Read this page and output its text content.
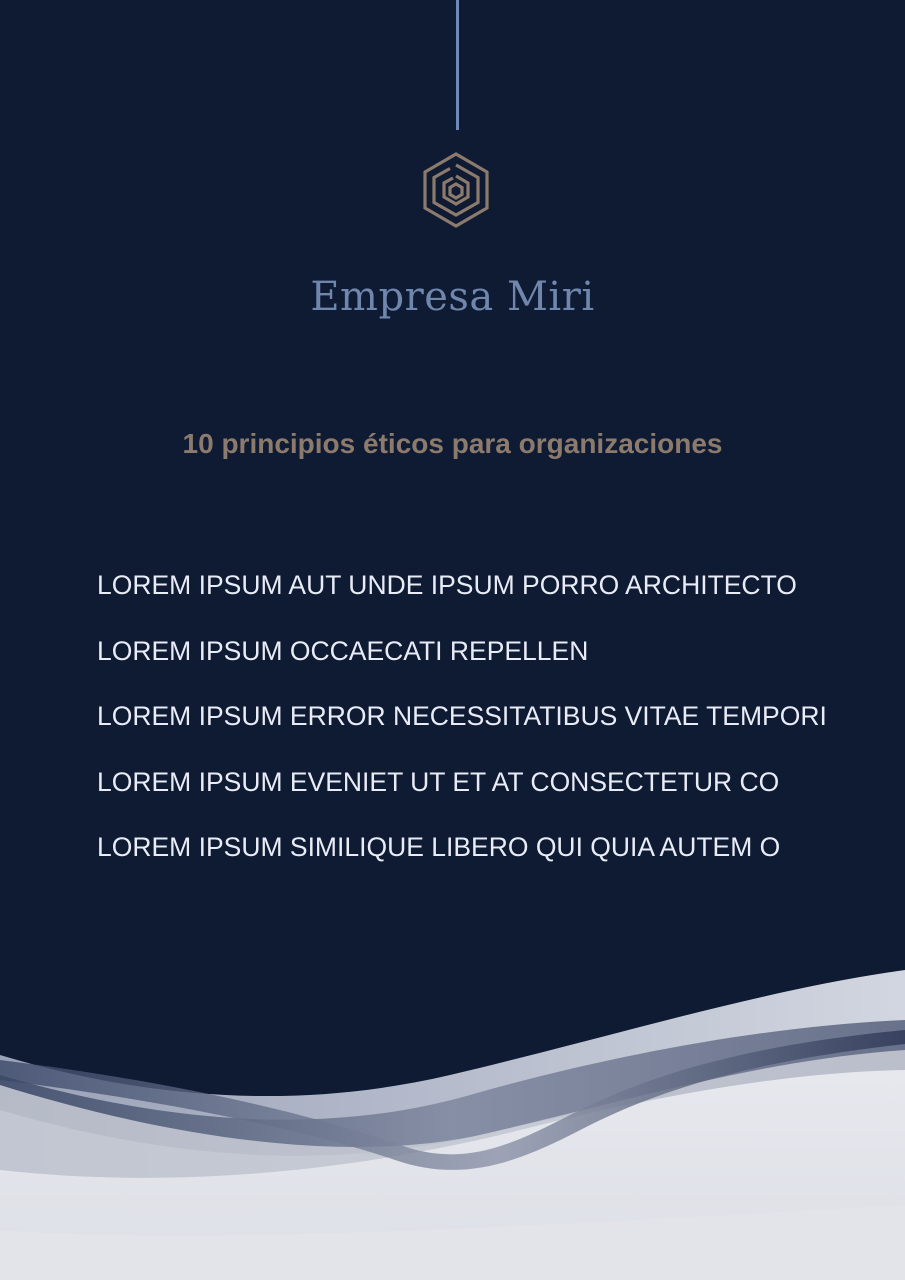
Empresa Miri
10 principios éticos para organizaciones
LOREM IPSUM AUT UNDE IPSUM PORRO ARCHITECTO
LOREM IPSUM OCCAECATI REPELLEN
LOREM IPSUM ERROR NECESSITATIBUS VITAE TEMPORI
LOREM IPSUM EVENIET UT ET AT CONSECTETUR CO
LOREM IPSUM SIMILIQUE LIBERO QUI QUIA AUTEM O
